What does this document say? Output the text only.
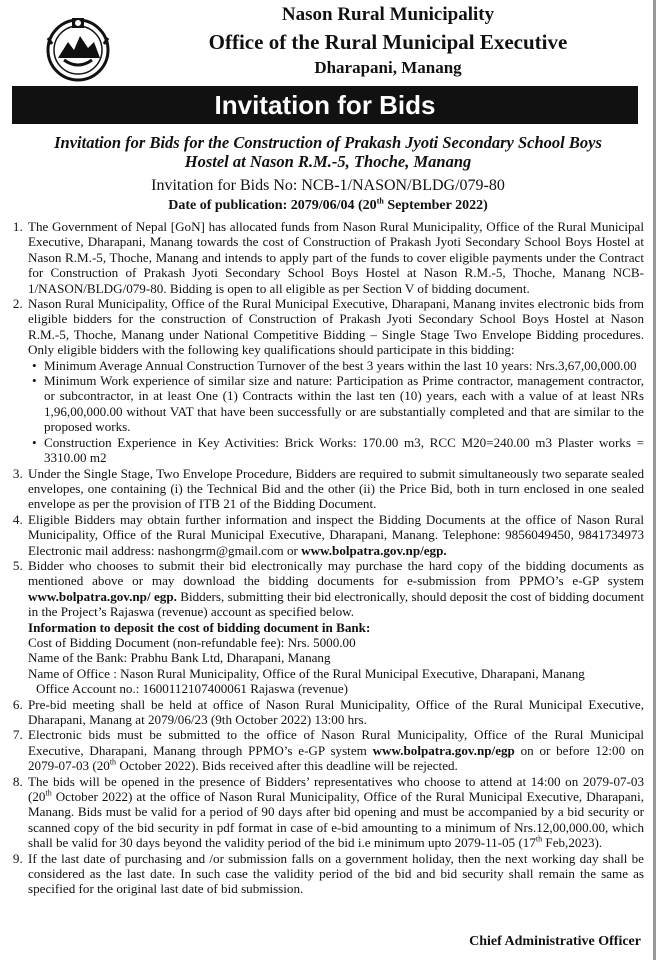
Nason Rural Municipality
Office of the Rural Municipal Executive
Dharapani, Manang
Invitation for Bids
Invitation for Bids for the Construction of Prakash Jyoti Secondary School Boys
Hostel at Nason R.M.-5, Thoche, Manang
Invitation for Bids No: NCB-1/NASON/BLDG/079-80
Date of publication: 2079/06/04 (20th September 2022)
1. The Government of Nepal [GoN] has allocated funds from Nason Rural Municipality, Office of the Rural Municipal Executive, Dharapani, Manang towards the cost of Construction of Prakash Jyoti Secondary School Boys Hostel at Nason R.M.-5, Thoche, Manang and intends to apply part of the funds to cover eligible payments under the Contract for Construction of Prakash Jyoti Secondary School Boys Hostel at Nason R.M.-5, Thoche, Manang NCB-1/NASON/BLDG/079-80. Bidding is open to all eligible as per Section V of bidding document.
2. Nason Rural Municipality, Office of the Rural Municipal Executive, Dharapani, Manang invites electronic bids from eligible bidders for the construction of Construction of Prakash Jyoti Secondary School Boys Hostel at Nason R.M.-5, Thoche, Manang under National Competitive Bidding – Single Stage Two Envelope Bidding procedures. Only eligible bidders with the following key qualifications should participate in this bidding:
• Minimum Average Annual Construction Turnover of the best 3 years within the last 10 years: Nrs.3,67,00,000.00
• Minimum Work experience of similar size and nature: Participation as Prime contractor, management contractor, or subcontractor, in at least One (1) Contracts within the last ten (10) years, each with a value of at least NRs 1,96,00,000.00 without VAT that have been successfully or are substantially completed and that are similar to the proposed works.
• Construction Experience in Key Activities: Brick Works: 170.00 m3, RCC M20=240.00 m3 Plaster works = 3310.00 m2
3. Under the Single Stage, Two Envelope Procedure, Bidders are required to submit simultaneously two separate sealed envelopes, one containing (i) the Technical Bid and the other (ii) the Price Bid, both in turn enclosed in one sealed envelope as per the provision of ITB 21 of the Bidding Document.
4. Eligible Bidders may obtain further information and inspect the Bidding Documents at the office of Nason Rural Municipality, Office of the Rural Municipal Executive, Dharapani, Manang. Telephone: 9856049450, 9841734973 Electronic mail address: nashongrm@gmail.com or www.bolpatra.gov.np/egp.
5. Bidder who chooses to submit their bid electronically may purchase the hard copy of the bidding documents as mentioned above or may download the bidding documents for e-submission from PPMO’s e-GP system www.bolpatra.gov.np/ egp. Bidders, submitting their bid electronically, should deposit the cost of bidding document in the Project’s Rajaswa (revenue) account as specified below.
Information to deposit the cost of bidding document in Bank:
Cost of Bidding Document (non-refundable fee): Nrs. 5000.00
Name of the Bank: Prabhu Bank Ltd, Dharapani, Manang
Name of Office : Nason Rural Municipality, Office of the Rural Municipal Executive, Dharapani, Manang
Office Account no.: 1600112107400061 Rajaswa (revenue)
6. Pre-bid meeting shall be held at office of Nason Rural Municipality, Office of the Rural Municipal Executive, Dharapani, Manang at 2079/06/23 (9th October 2022) 13:00 hrs.
7. Electronic bids must be submitted to the office of Nason Rural Municipality, Office of the Rural Municipal Executive, Dharapani, Manang through PPMO’s e-GP system www.bolpatra.gov.np/egp on or before 12:00 on 2079-07-03 (20th October 2022). Bids received after this deadline will be rejected.
8. The bids will be opened in the presence of Bidders’ representatives who choose to attend at 14:00 on 2079-07-03 (20th October 2022) at the office of Nason Rural Municipality, Office of the Rural Municipal Executive, Dharapani, Manang. Bids must be valid for a period of 90 days after bid opening and must be accompanied by a bid security or scanned copy of the bid security in pdf format in case of e-bid amounting to a minimum of Nrs.12,00,000.00, which shall be valid for 30 days beyond the validity period of the bid i.e minimum upto 2079-11-05 (17th Feb,2023).
9. If the last date of purchasing and /or submission falls on a government holiday, then the next working day shall be considered as the last date. In such case the validity period of the bid and bid security shall remain the same as specified for the original last date of bid submission.
Chief Administrative Officer
